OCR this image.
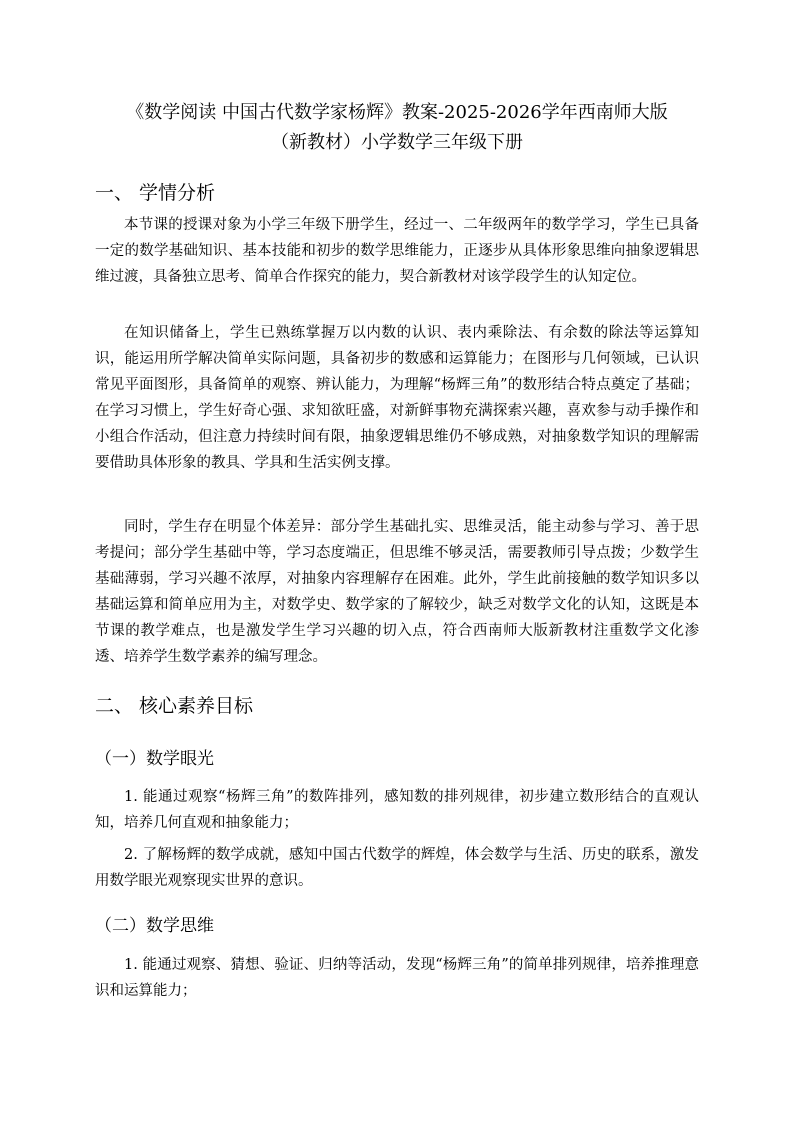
《数学阅读 中国古代数学家杨辉》教案-2025-2026学年西南师大版
（新教材）小学数学三年级下册
一、 学情分析

本节课的授课对象为小学三年级下册学生，经过一、二年级两年的数学学习，学生已具备一定的数学基础知识、基本技能和初步的数学思维能力，正逐步从具体形象思维向抽象逻辑思维过渡，具备独立思考、简单合作探究的能力，契合新教材对该学段学生的认知定位。

在知识储备上，学生已熟练掌握万以内数的认识、表内乘除法、有余数的除法等运算知识，能运用所学解决简单实际问题，具备初步的数感和运算能力；在图形与几何领域，已认识常见平面图形，具备简单的观察、辨认能力，为理解“杨辉三角”的数形结合特点奠定了基础；在学习习惯上，学生好奇心强、求知欲旺盛，对新鲜事物充满探索兴趣，喜欢参与动手操作和小组合作活动，但注意力持续时间有限，抽象逻辑思维仍不够成熟，对抽象数学知识的理解需要借助具体形象的教具、学具和生活实例支撑。

同时，学生存在明显个体差异：部分学生基础扎实、思维灵活，能主动参与学习、善于思考提问；部分学生基础中等，学习态度端正，但思维不够灵活，需要教师引导点拨；少数学生基础薄弱，学习兴趣不浓厚，对抽象内容理解存在困难。此外，学生此前接触的数学知识多以基础运算和简单应用为主，对数学史、数学家的了解较少，缺乏对数学文化的认知，这既是本节课的教学难点，也是激发学生学习兴趣的切入点，符合西南师大版新教材注重数学文化渗透、培养学生数学素养的编写理念。

二、 核心素养目标
（一）数学眼光

1. 能通过观察“杨辉三角”的数阵排列，感知数的排列规律，初步建立数形结合的直观认知，培养几何直观和抽象能力；

2. 了解杨辉的数学成就，感知中国古代数学的辉煌，体会数学与生活、历史的联系，激发用数学眼光观察现实世界的意识。

（二）数学思维

1. 能通过观察、猜想、验证、归纳等活动，发现“杨辉三角”的简单排列规律，培养推理意识和运算能力；
